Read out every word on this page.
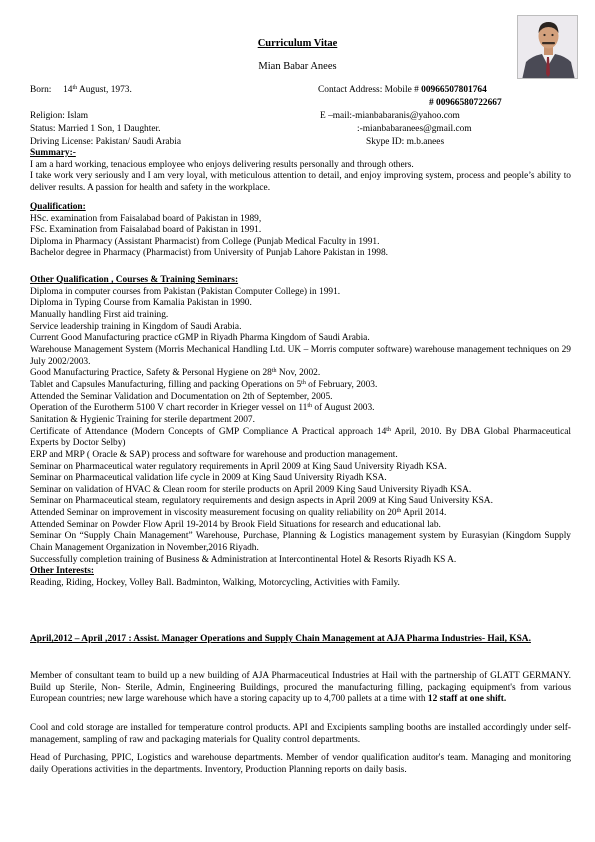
Curriculum Vitae
Mian Babar Anees
Born: 14th August, 1973.	Contact Address: Mobile # 00966507801764
# 00966580722667
Religion: Islam	E –mail:-mianbabaranis@yahoo.com
Status: Married 1 Son, 1 Daughter.	:-mianbabaranees@gmail.com
Driving License: Pakistan/ Saudi Arabia	Skype ID: m.b.anees
Summary:-
I am a hard working, tenacious employee who enjoys delivering results personally and through others.
I take work very seriously and I am very loyal, with meticulous attention to detail, and enjoy improving system, process and people’s ability to deliver results. A passion for health and safety in the workplace.
Qualification:
HSc. examination from Faisalabad board of Pakistan in 1989,
FSc. Examination from Faisalabad board of Pakistan in 1991.
Diploma in Pharmacy (Assistant Pharmacist) from College (Punjab Medical Faculty in 1991.
Bachelor degree in Pharmacy (Pharmacist) from University of Punjab Lahore Pakistan in 1998.
Other Qualification , Courses & Training Seminars:
Diploma in computer courses from Pakistan (Pakistan Computer College) in 1991.
Diploma in Typing Course from Kamalia Pakistan in 1990.
Manually handling First aid training.
Service leadership training in Kingdom of Saudi Arabia.
Current Good Manufacturing practice cGMP in Riyadh Pharma Kingdom of Saudi Arabia.
Warehouse Management System (Morris Mechanical Handling Ltd. UK – Morris computer software) warehouse management techniques on 29 July 2002/2003.
Good Manufacturing Practice, Safety & Personal Hygiene on 28th Nov, 2002.
Tablet and Capsules Manufacturing, filling and packing Operations on 5th of February, 2003.
Attended the Seminar Validation and Documentation on 2th of September, 2005.
Operation of the Eurotherm 5100 V chart recorder in Krieger vessel on 11th of August 2003.
Sanitation & Hygienic Training for sterile department 2007.
Certificate of Attendance (Modern Concepts of GMP Compliance A Practical approach 14th April, 2010. By DBA Global Pharmaceutical Experts by Doctor Selby)
ERP and MRP ( Oracle & SAP) process and software for warehouse and production management.
Seminar on Pharmaceutical water regulatory requirements in April 2009 at King Saud University Riyadh KSA.
Seminar on Pharmaceutical validation life cycle in 2009 at King Saud University Riyadh KSA.
Seminar on validation of HVAC & Clean room for sterile products on April 2009 King Saud University Riyadh KSA.
Seminar on Pharmaceutical steam, regulatory requirements and design aspects in April 2009 at King Saud University KSA.
Attended Seminar on improvement in viscosity measurement focusing on quality reliability on 20th April 2014.
Attended Seminar on Powder Flow April 19-2014 by Brook Field Situations for research and educational lab.
Seminar On “Supply Chain Management” Warehouse, Purchase, Planning & Logistics management system by Eurasyian (Kingdom Supply Chain Management Organization in November,2016 Riyadh.
Successfully completion training of Business & Administration at Intercontinental Hotel & Resorts Riyadh KS A.
Other Interests:
Reading, Riding, Hockey, Volley Ball. Badminton, Walking, Motorcycling, Activities with Family.
April,2012 – April ,2017 : Assist. Manager Operations and Supply Chain Management at AJA Pharma Industries- Hail, KSA.
Member of consultant team to build up a new building of AJA Pharmaceutical Industries at Hail with the partnership of GLATT GERMANY. Build up Sterile, Non- Sterile, Admin, Engineering Buildings, procured the manufacturing filling, packaging equipment's from various European countries; new large warehouse which have a storing capacity up to 4,700 pallets at a time with 12 staff at one shift.
Cool and cold storage are installed for temperature control products. API and Excipients sampling booths are installed accordingly under self-management, sampling of raw and packaging materials for Quality control departments.
Head of Purchasing, PPIC, Logistics and warehouse departments. Member of vendor qualification auditor's team. Managing and monitoring daily Operations activities in the departments. Inventory, Production Planning reports on daily basis.
